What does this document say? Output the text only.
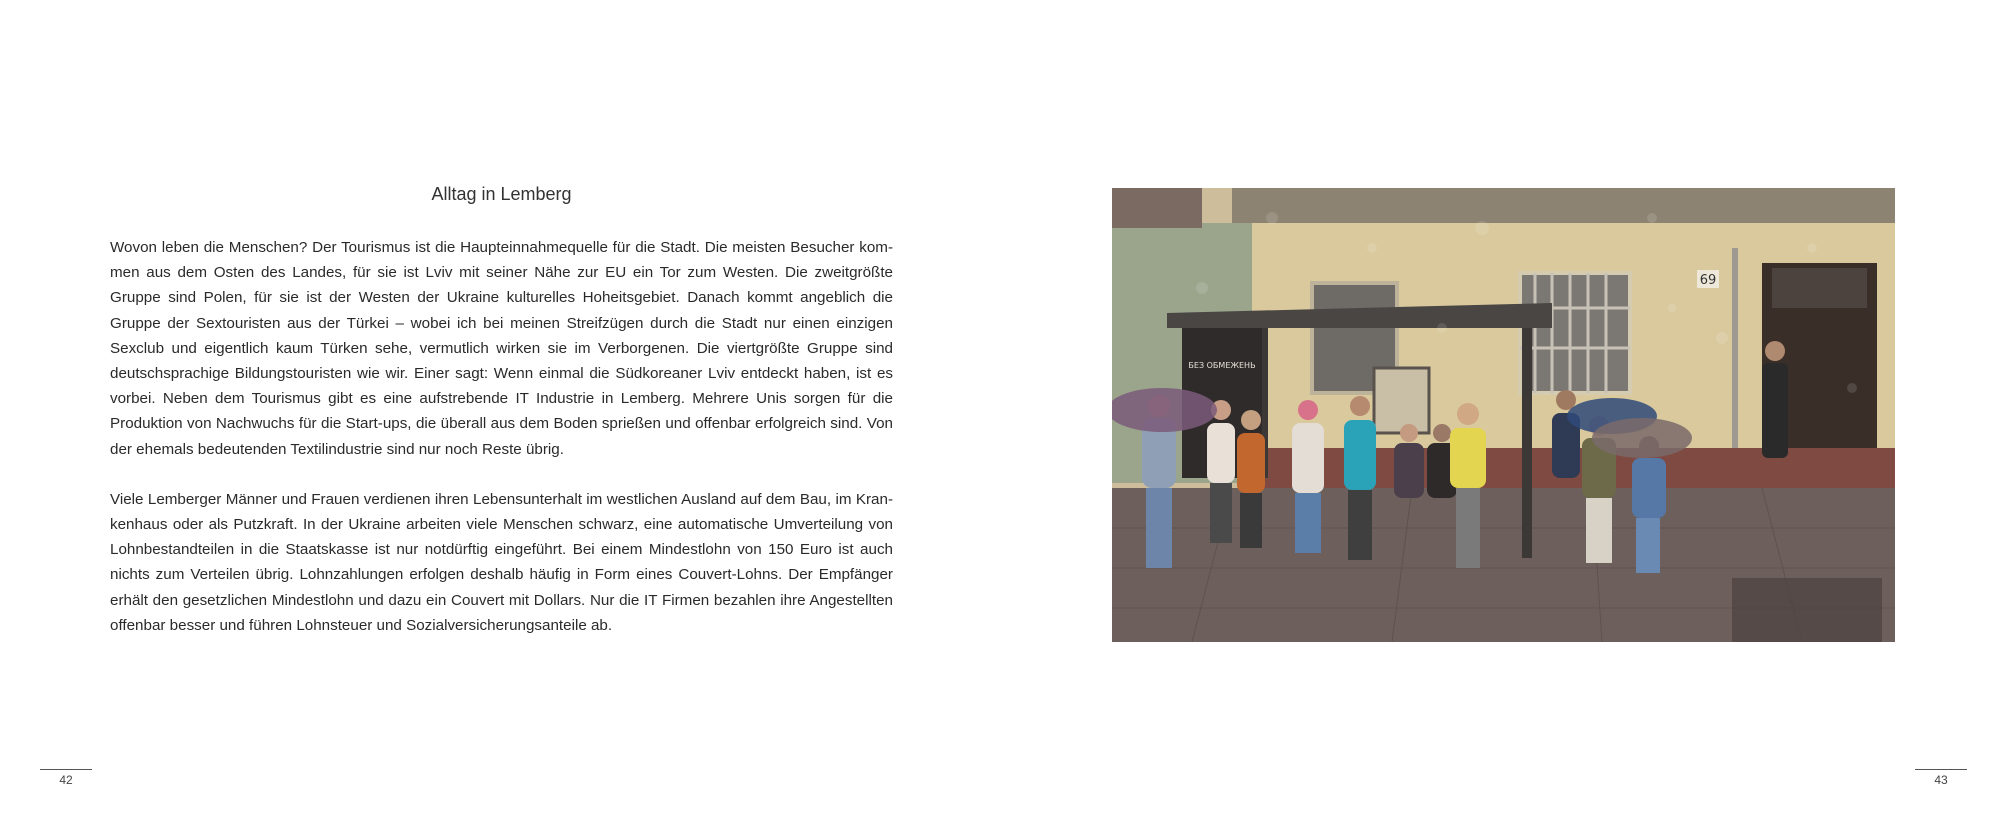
Alltag in Lemberg

Wovon leben die Menschen? Der Tourismus ist die Haupteinnahmequelle für die Stadt. Die meisten Besucher kommen aus dem Osten des Landes, für sie ist Lviv mit seiner Nähe zur EU ein Tor zum Westen. Die zweitgrößte Gruppe sind Polen, für sie ist der Westen der Ukraine kulturelles Hoheitsgebiet. Danach kommt angeblich die Gruppe der Sextouristen aus der Türkei – wobei ich bei meinen Streifzügen durch die Stadt nur einen einzigen Sexclub und eigentlich kaum Türken sehe, vermutlich wirken sie im Verborgenen. Die viertgrößte Gruppe sind deutschsprachige Bildungstouristen wie wir. Einer sagt: Wenn einmal die Südkoreaner Lviv entdeckt haben, ist es vorbei. Neben dem Tourismus gibt es eine aufstrebende IT Industrie in Lemberg. Mehrere Unis sorgen für die Produktion von Nachwuchs für die Start-ups, die überall aus dem Boden sprießen und offenbar erfolgreich sind. Von der ehemals bedeutenden Textilindustrie sind nur noch Reste übrig.

Viele Lemberger Männer und Frauen verdienen ihren Lebensunterhalt im westlichen Ausland auf dem Bau, im Krankenhaus oder als Putzkraft. In der Ukraine arbeiten viele Menschen schwarz, eine automatische Umverteilung von Lohnbestandteilen in die Staatskasse ist nur notdürftig eingeführt. Bei einem Mindestlohn von 150 Euro ist auch nichts zum Verteilen übrig. Lohnzahlungen erfolgen deshalb häufig in Form eines Couvert-Lohns. Der Empfänger erhält den gesetzlichen Mindestlohn und dazu ein Couvert mit Dollars. Nur die IT Firmen bezahlen ihre Angestellten offenbar besser und führen Lohnsteuer und Sozialversicherungsanteile ab.

42
69
БЕЗ ОБМЕЖЕНЬ
43
